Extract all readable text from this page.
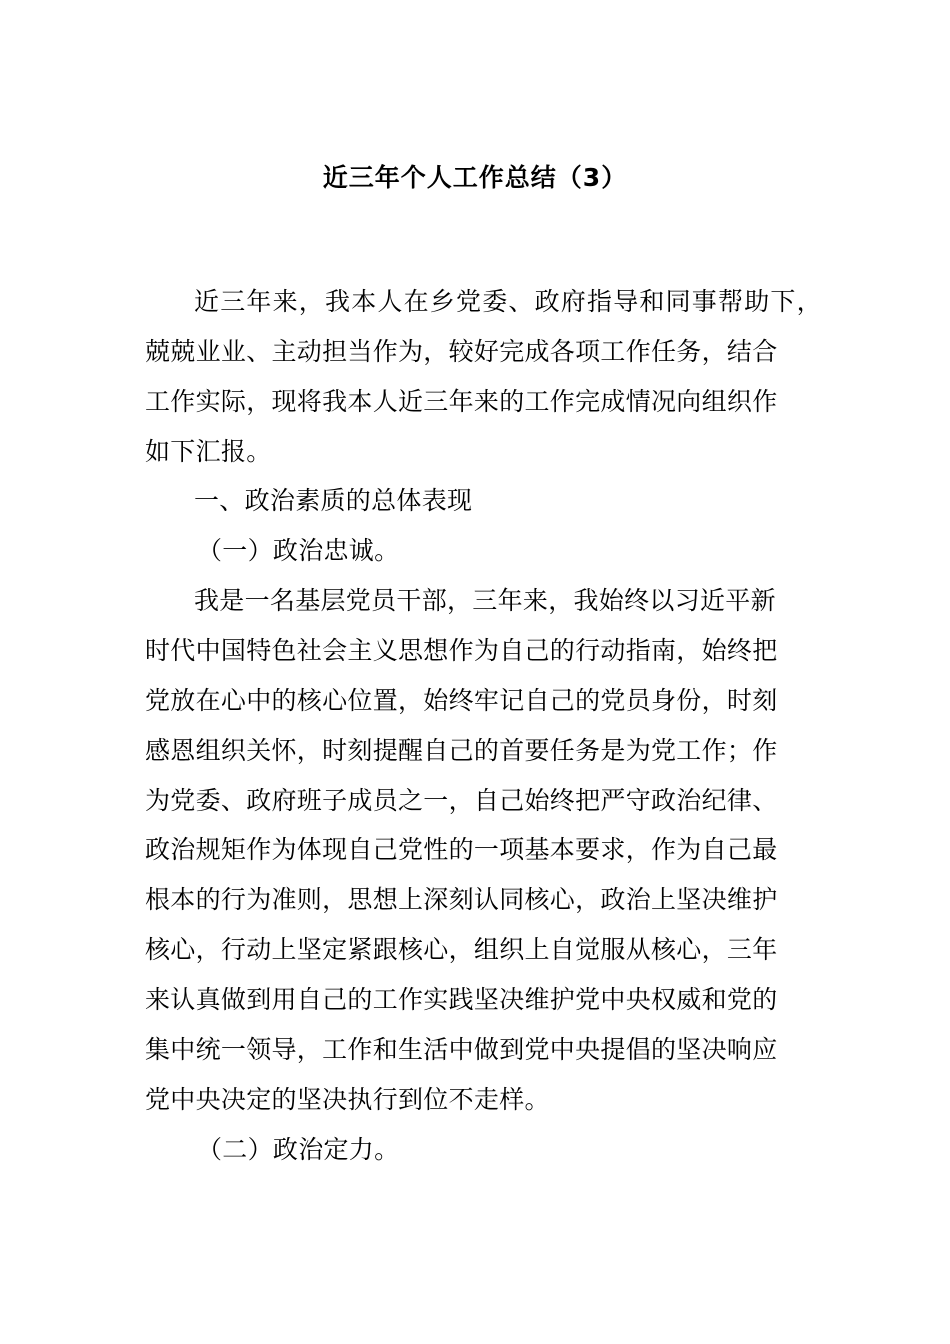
近三年个人工作总结（3）
近三年来，我本人在乡党委、政府指导和同事帮助下，
兢兢业业、主动担当作为，较好完成各项工作任务，结合
工作实际，现将我本人近三年来的工作完成情况向组织作
如下汇报。
一、政治素质的总体表现
（一）政治忠诚。
我是一名基层党员干部，三年来，我始终以习近平新
时代中国特色社会主义思想作为自己的行动指南，始终把
党放在心中的核心位置，始终牢记自己的党员身份，时刻
感恩组织关怀，时刻提醒自己的首要任务是为党工作；作
为党委、政府班子成员之一，自己始终把严守政治纪律、
政治规矩作为体现自己党性的一项基本要求，作为自己最
根本的行为准则，思想上深刻认同核心，政治上坚决维护
核心，行动上坚定紧跟核心，组织上自觉服从核心，三年
来认真做到用自己的工作实践坚决维护党中央权威和党的
集中统一领导，工作和生活中做到党中央提倡的坚决响应
党中央决定的坚决执行到位不走样。
（二）政治定力。
